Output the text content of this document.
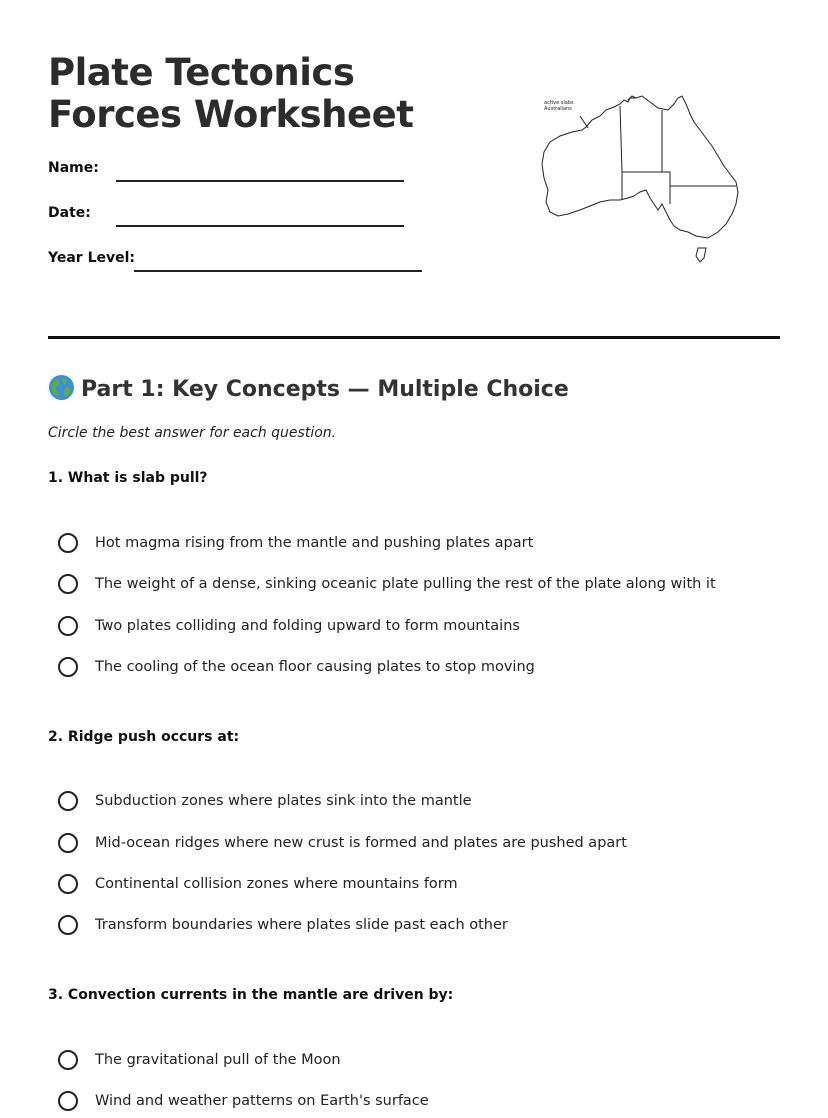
Plate Tectonics Forces Worksheet
Name:
Date:
Year Level:
active slabs
Australians
Part 1: Key Concepts — Multiple Choice
Circle the best answer for each question.
1. What is slab pull?
Hot magma rising from the mantle and pushing plates apart
The weight of a dense, sinking oceanic plate pulling the rest of the plate along with it
Two plates colliding and folding upward to form mountains
The cooling of the ocean floor causing plates to stop moving
2. Ridge push occurs at:
Subduction zones where plates sink into the mantle
Mid-ocean ridges where new crust is formed and plates are pushed apart
Continental collision zones where mountains form
Transform boundaries where plates slide past each other
3. Convection currents in the mantle are driven by:
The gravitational pull of the Moon
Wind and weather patterns on Earth's surface
